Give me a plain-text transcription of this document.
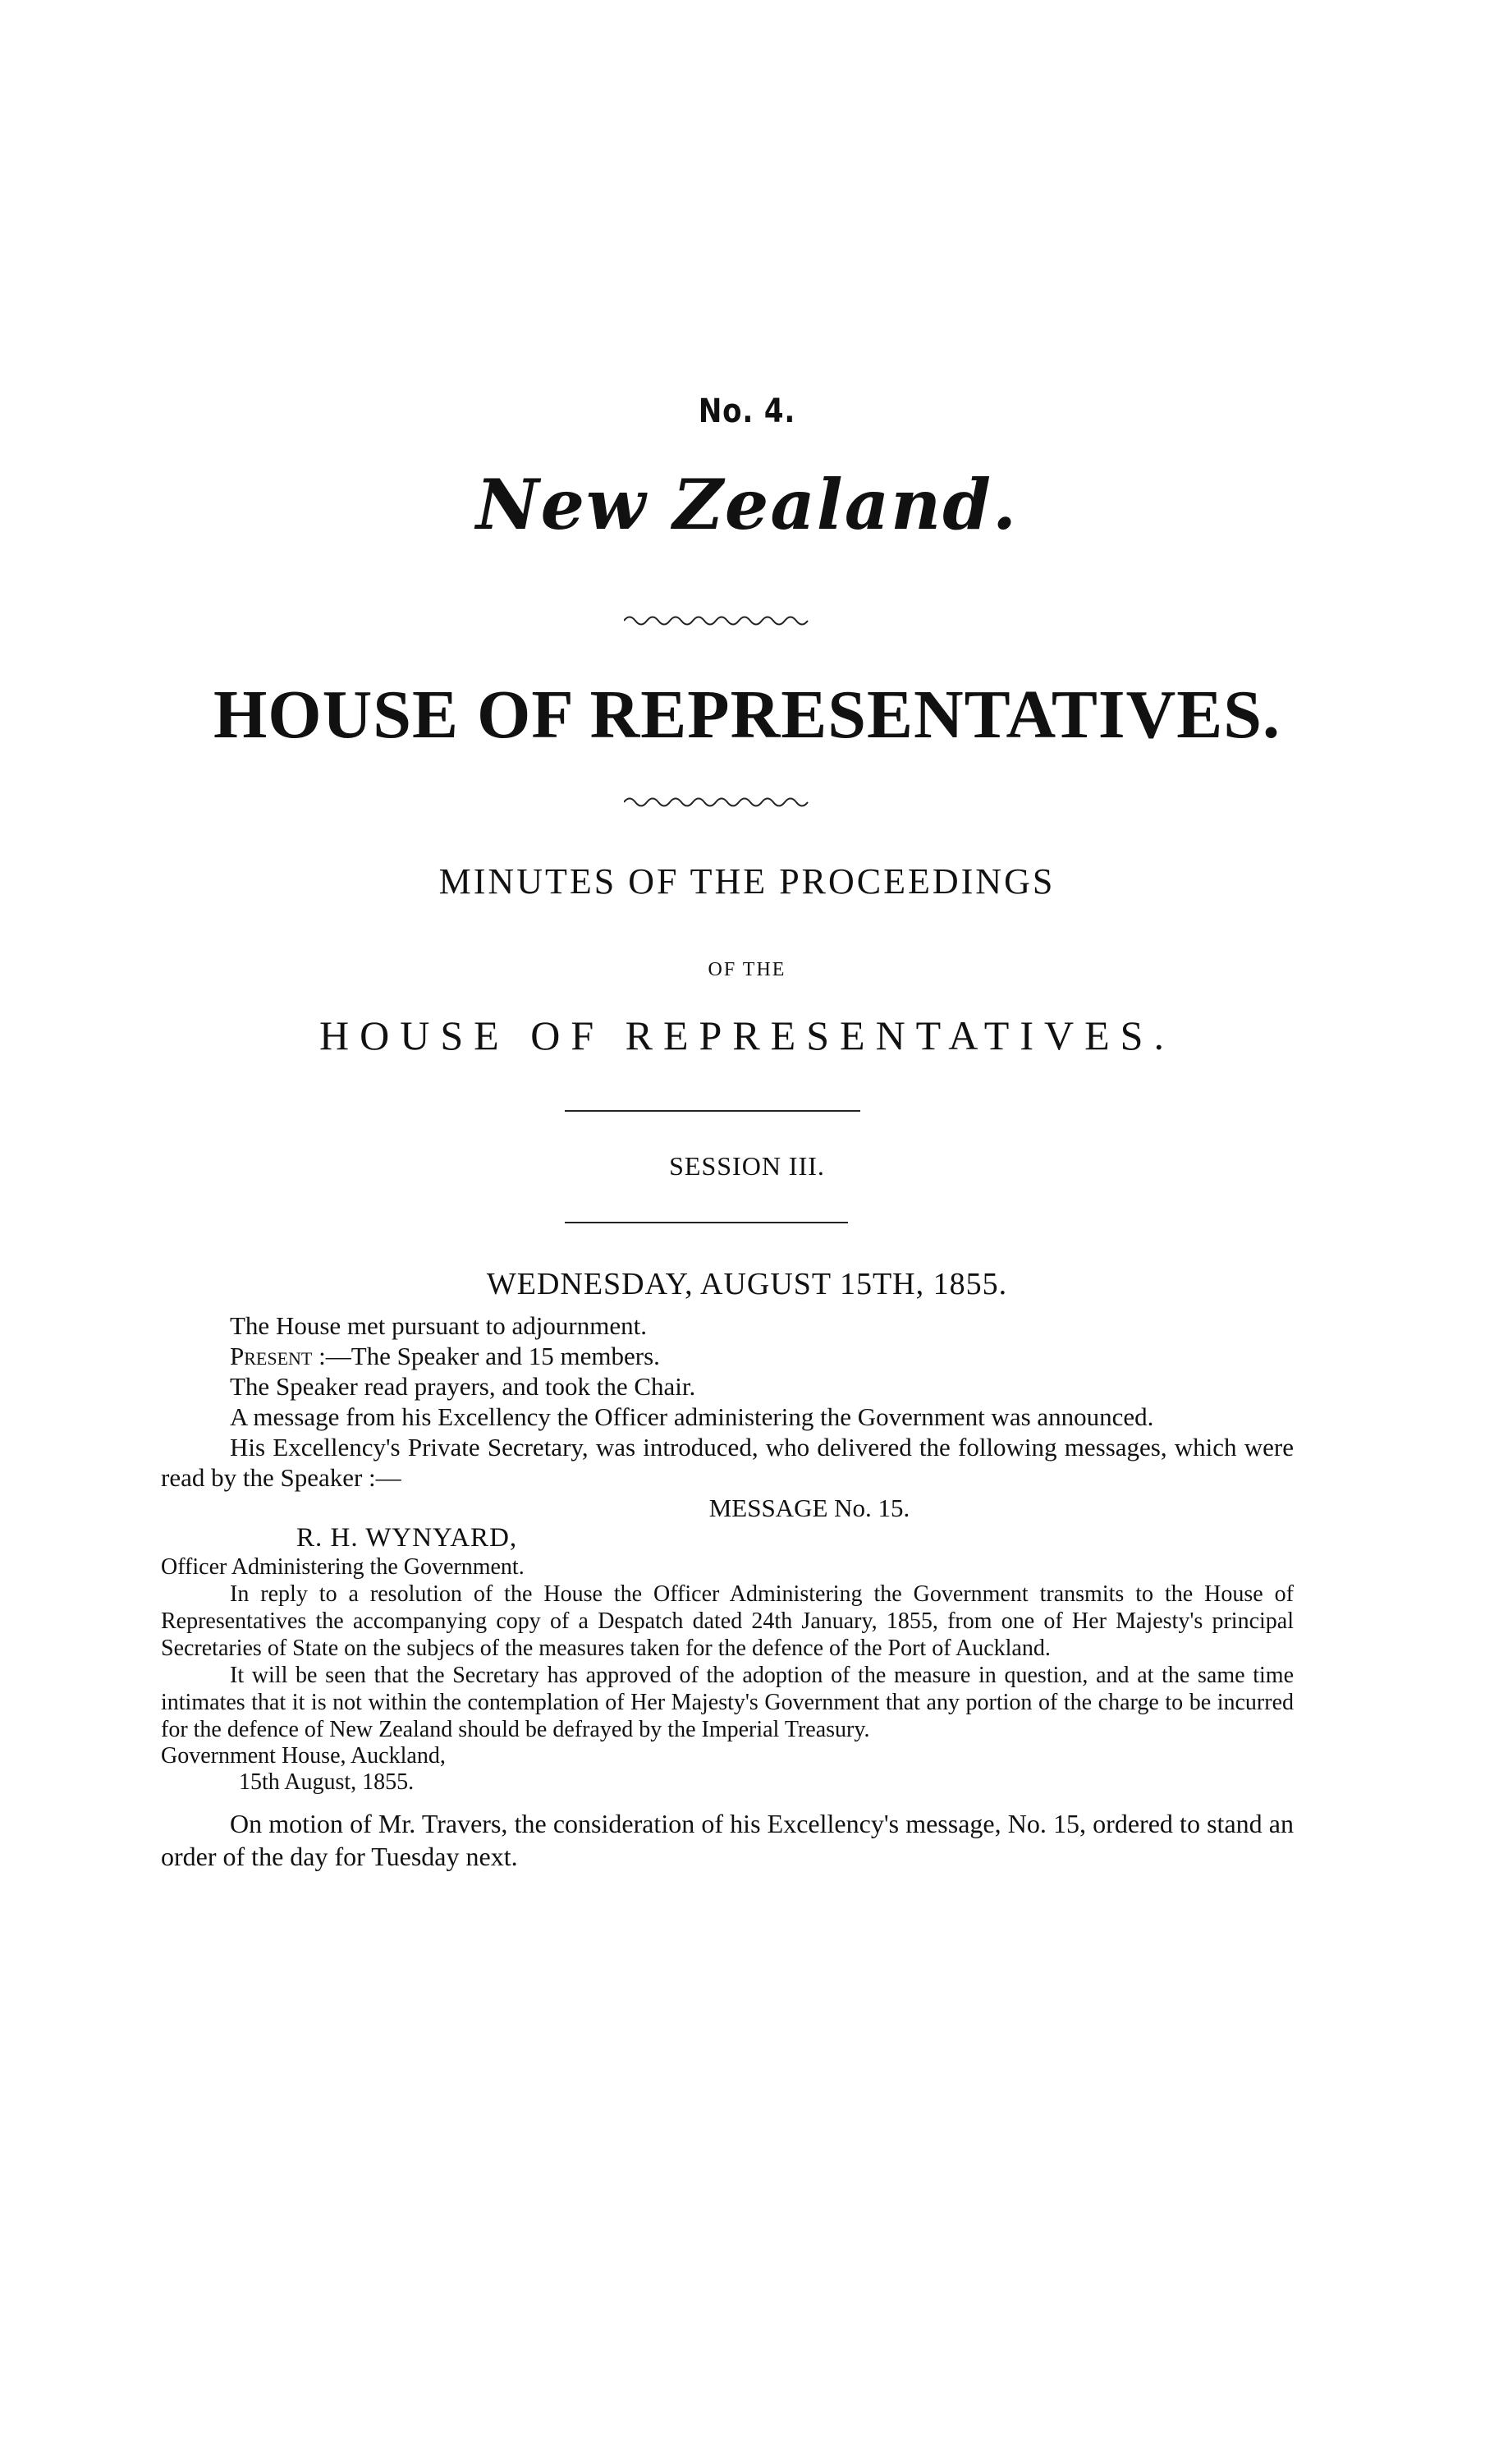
No. 4.
New Zealand.
HOUSE OF REPRESENTATIVES.
MINUTES OF THE PROCEEDINGS
OF THE
HOUSE OF REPRESENTATIVES.
SESSION III.
WEDNESDAY, AUGUST 15TH, 1855.

The House met pursuant to adjournment.

Present :—The Speaker and 15 members.

The Speaker read prayers, and took the Chair.

A message from his Excellency the Officer administering the Government was announced.

His Excellency's Private Secretary, was introduced, who delivered the following messages, which were read by the Speaker :—

MESSAGE No. 15.

R. H. WYNYARD,

Officer Administering the Government.

In reply to a resolution of the House the Officer Administering the Government transmits to the House of Representatives the accompanying copy of a Despatch dated 24th January, 1855, from one of Her Majesty's principal Secretaries of State on the subjecs of the measures taken for the defence of the Port of Auckland.

It will be seen that the Secretary has approved of the adoption of the measure in question, and at the same time intimates that it is not within the contemplation of Her Majesty's Government that any portion of the charge to be incurred for the defence of New Zealand should be defrayed by the Imperial Treasury.

Government House, Auckland,

15th August, 1855.

On motion of Mr. Travers, the consideration of his Excellency's message, No. 15, ordered to stand an order of the day for Tuesday next.
